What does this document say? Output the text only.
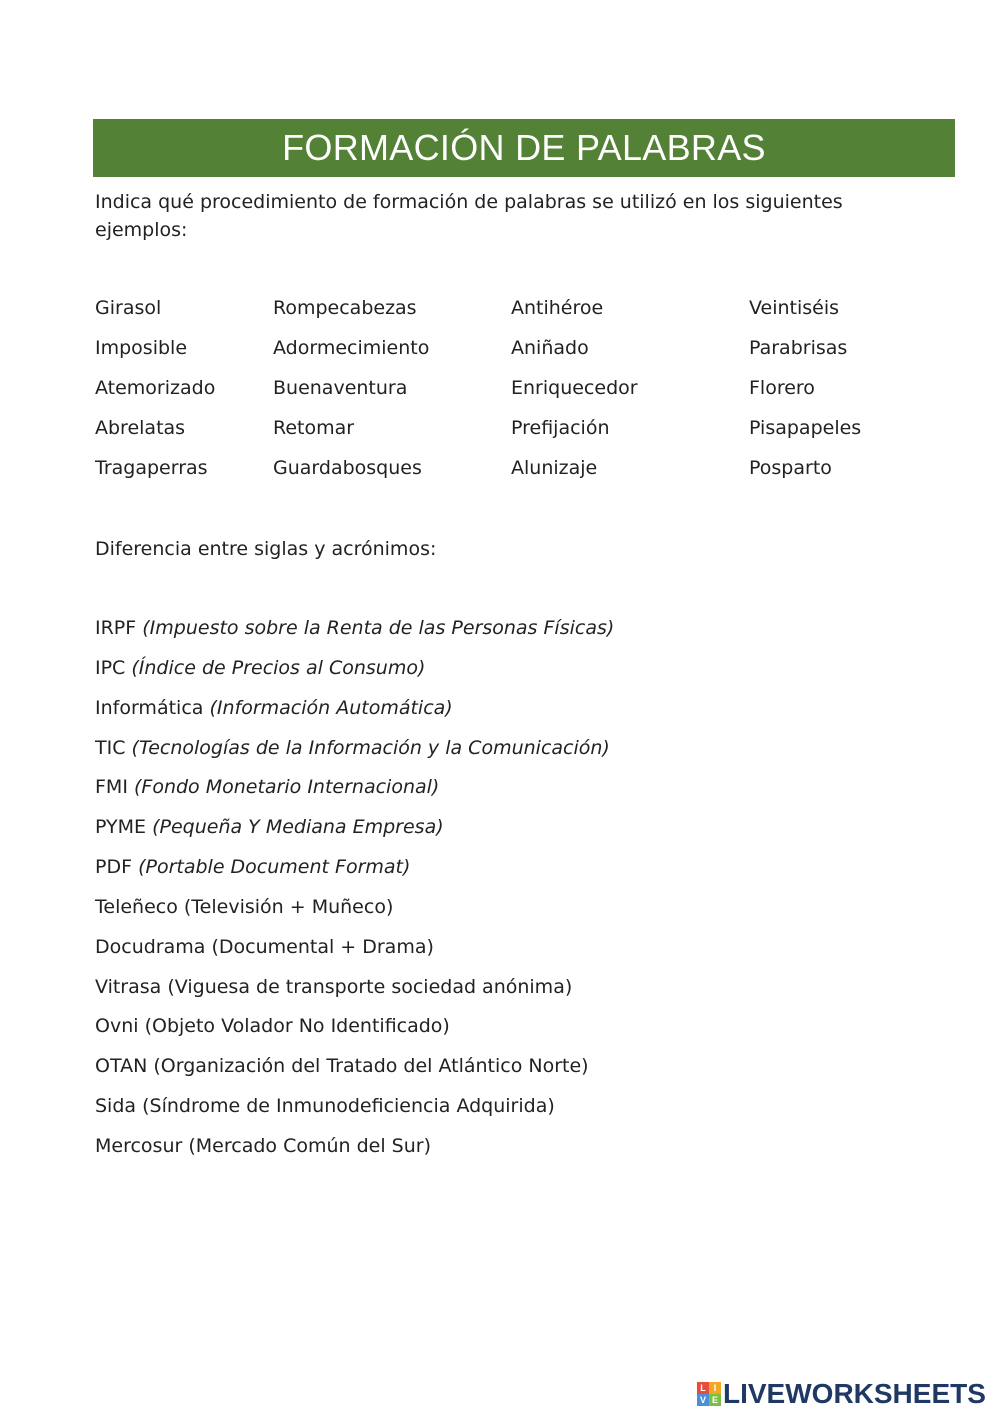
FORMACIÓN DE PALABRAS

Indica qué procedimiento de formación de palabras se utilizó en los siguientes ejemplos:

Girasol	Rompecabezas	Antihéroe	Veintiséis
Imposible	Adormecimiento	Aniñado	Parabrisas
Atemorizado	Buenaventura	Enriquecedor	Florero
Abrelatas	Retomar	Prefijación	Pisapapeles
Tragaperras	Guardabosques	Alunizaje	Posparto

Diferencia entre siglas y acrónimos:

IRPF (Impuesto sobre la Renta de las Personas Físicas)
IPC (Índice de Precios al Consumo)
Informática (Información Automática)
TIC (Tecnologías de la Información y la Comunicación)
FMI (Fondo Monetario Internacional)
PYME (Pequeña Y Mediana Empresa)
PDF (Portable Document Format)
Teleñeco (Televisión + Muñeco)
Docudrama (Documental + Drama)
Vitrasa (Viguesa de transporte sociedad anónima)
Ovni (Objeto Volador No Identificado)
OTAN (Organización del Tratado del Atlántico Norte)
Sida (Síndrome de Inmunodeficiencia Adquirida)
Mercosur (Mercado Común del Sur)
L I
V E LIVEWORKSHEETS
